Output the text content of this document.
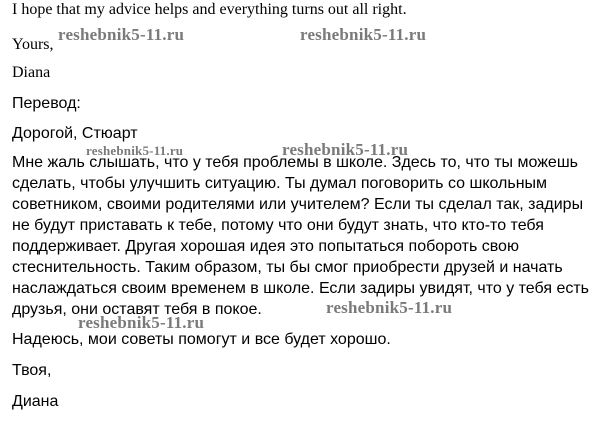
I hope that my advice helps and everything turns out all right.
Yours,
Diana
Перевод:
Дорогой, Стюарт
Мне жаль слышать, что у тебя проблемы в школе. Здесь то, что ты можешь
сделать, чтобы улучшить ситуацию. Ты думал поговорить со школьным
советником, своими родителями или учителем? Если ты сделал так, задиры
не будут приставать к тебе, потому что они будут знать, что кто-то тебя
поддерживает. Другая хорошая идея это попытаться побороть свою
стеснительность. Таким образом, ты бы смог приобрести друзей и начать
наслаждаться своим временем в школе. Если задиры увидят, что у тебя есть
друзья, они оставят тебя в покое.
Надеюсь, мои советы помогут и все будет хорошо.
Твоя,
Диана
reshebnik5-11.ru	reshebnik5-11.ru
reshebnik5-11.ru	reshebnik5-11.ru
reshebnik5-11.ru
reshebnik5-11.ru
